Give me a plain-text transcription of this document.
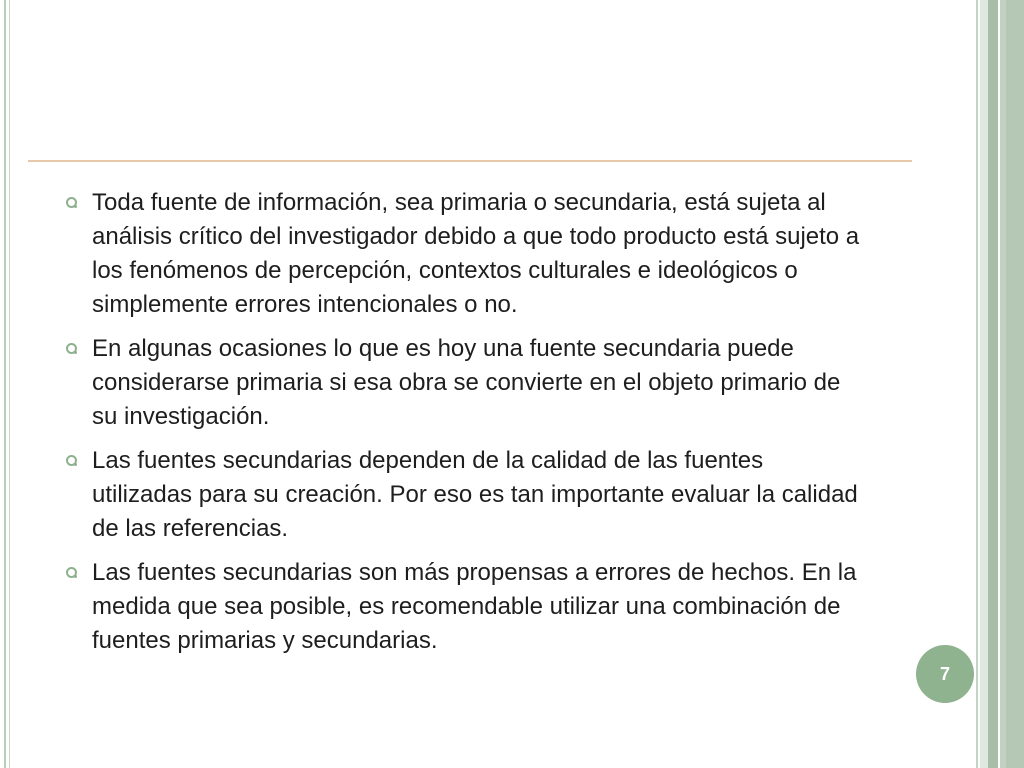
Toda fuente de información, sea primaria o secundaria, está sujeta al análisis crítico del investigador debido a que todo producto está sujeto a los fenómenos de percepción, contextos culturales e ideológicos o simplemente errores intencionales o no.
En algunas ocasiones lo que es hoy una fuente secundaria puede considerarse primaria si esa obra se convierte en el objeto primario de su investigación.
Las fuentes secundarias dependen de la calidad de las fuentes utilizadas para su creación. Por eso es tan importante evaluar la calidad de las referencias.
Las fuentes secundarias son más propensas a errores de hechos. En la medida que sea posible, es recomendable utilizar una combinación de fuentes primarias y secundarias.
7
